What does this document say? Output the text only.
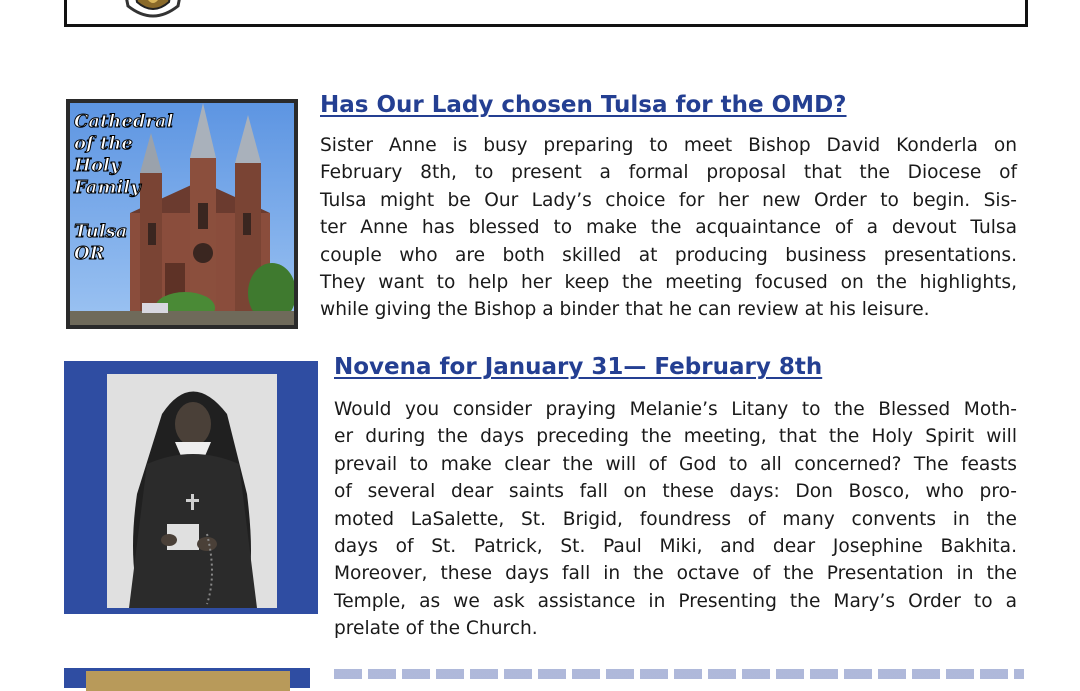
Cathedral
of the
Holy
Family
Tulsa
OR
Has Our Lady chosen Tulsa for the OMD?
Sister Anne is busy preparing to meet Bishop David Konderla on
February 8th, to present a formal proposal that the Diocese of
Tulsa might be Our Lady’s choice for her new Order to begin. Sis-
ter Anne has blessed to make the acquaintance of a devout Tulsa
couple who are both skilled at producing business presentations.
They want to help her keep the meeting focused on the highlights,
while giving the Bishop a binder that he can review at his leisure.
Novena for January 31— February 8th
Would you consider praying Melanie’s Litany to the Blessed Moth-
er during the days preceding the meeting, that the Holy Spirit will
prevail to make clear the will of God to all concerned? The feasts
of several dear saints fall on these days: Don Bosco, who pro-
moted LaSalette, St. Brigid, foundress of many convents in the
days of St. Patrick, St. Paul Miki, and dear Josephine Bakhita.
Moreover, these days fall in the octave of the Presentation in the
Temple, as we ask assistance in Presenting the Mary’s Order to a
prelate of the Church.
